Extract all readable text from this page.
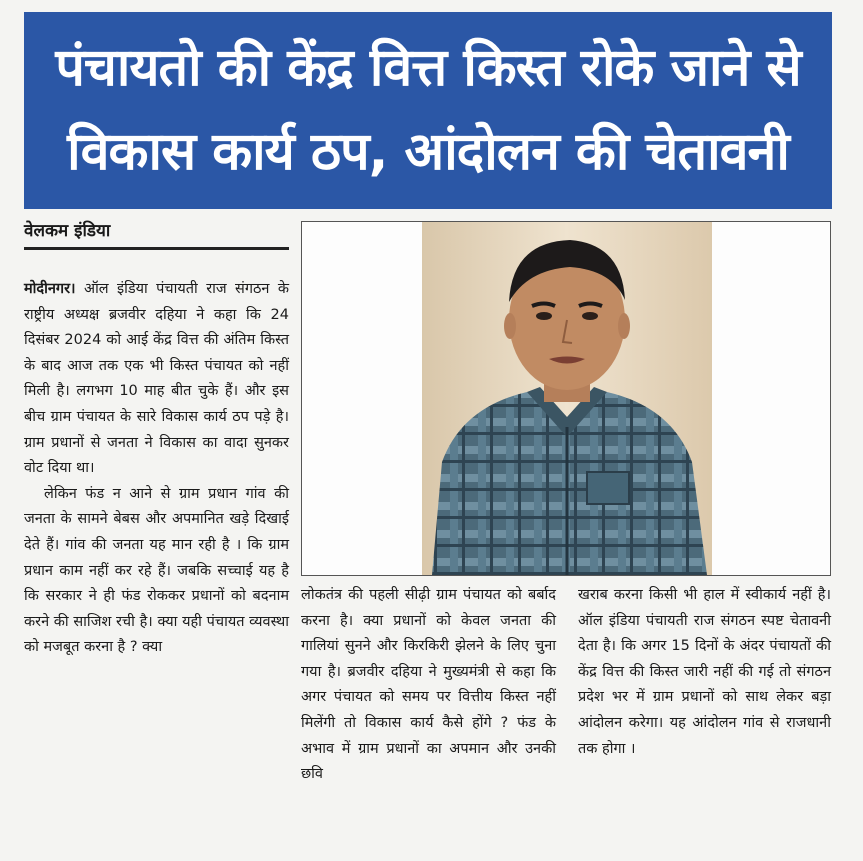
पंचायतो की केंद्र वित्त किस्त रोके जाने से
विकास कार्य ठप, आंदोलन की चेतावनी
वेलकम इंडिया

मोदीनगर। ऑल इंडिया पंचायती राज संगठन के राष्ट्रीय अध्यक्ष ब्रजवीर दहिया ने कहा कि 24 दिसंबर 2024 को आई केंद्र वित्त की अंतिम किस्त के बाद आज तक एक भी किस्त पंचायत को नहीं मिली है। लगभग 10 माह बीत चुके हैं। और इस बीच ग्राम पंचायत के सारे विकास कार्य ठप पड़े है। ग्राम प्रधानों से जनता ने विकास का वादा सुनकर वोट दिया था।

लेकिन फंड न आने से ग्राम प्रधान गांव की जनता के सामने बेबस और अपमानित खड़े दिखाई देते हैं। गांव की जनता यह मान रही है । कि ग्राम प्रधान काम नहीं कर रहे हैं। जबकि सच्चाई यह है कि सरकार ने ही फंड रोककर प्रधानों को बदनाम करने की साजिश रची है। क्या यही पंचायत व्यवस्था को मजबूत करना है ? क्या

लोकतंत्र की पहली सीढ़ी ग्राम पंचायत को बर्बाद करना है। क्या प्रधानों को केवल जनता की गालियां सुनने और किरकिरी झेलने के लिए चुना गया है। ब्रजवीर दहिया ने मुख्यमंत्री से कहा कि अगर पंचायत को समय पर वित्तीय किस्त नहीं मिलेंगी तो विकास कार्य कैसे होंगे ? फंड के अभाव में ग्राम प्रधानों का अपमान और उनकी छवि

खराब करना किसी भी हाल में स्वीकार्य नहीं है। ऑल इंडिया पंचायती राज संगठन स्पष्ट चेतावनी देता है। कि अगर 15 दिनों के अंदर पंचायतों की केंद्र वित्त की किस्त जारी नहीं की गई तो संगठन प्रदेश भर में ग्राम प्रधानों को साथ लेकर बड़ा आंदोलन करेगा। यह आंदोलन गांव से राजधानी तक होगा ।
